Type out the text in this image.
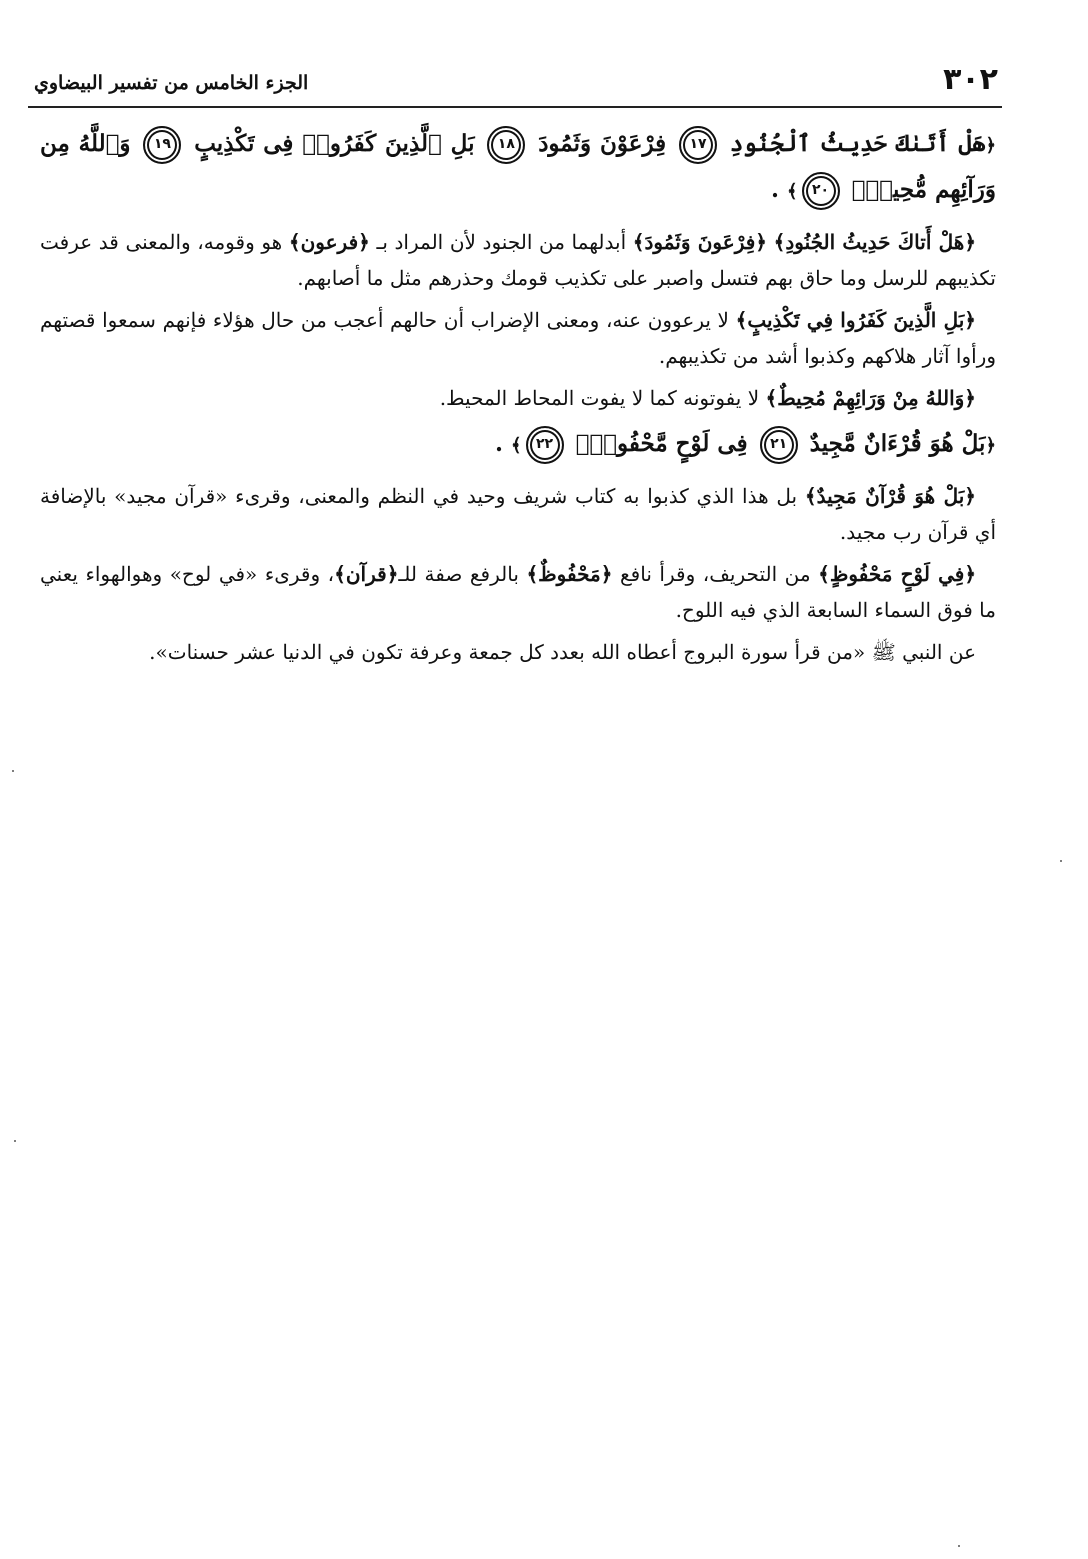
٣٠٢
الجزء الخامس من تفسير البيضاوي
﴿هَلْ أَتَىٰكَ حَدِيثُ ٱلْجُنُودِ ١٧ فِرْعَوْنَ وَثَمُودَ ١٨ بَلِ ٱلَّذِينَ كَفَرُوا۟ فِى تَكْذِيبٍ ١٩ وَٱللَّهُ مِن وَرَآئِهِم مُّحِيطٌۢ ٢٠﴾ .

﴿هَلْ أَتاكَ حَدِيثُ الجُنُودِ﴾ ﴿فِرْعَونَ وَثَمُودَ﴾ أبدلهما من الجنود لأن المراد بـ ﴿فرعون﴾ هو وقومه، والمعنى قد عرفت تكذيبهم للرسل وما حاق بهم فتسل واصبر على تكذيب قومك وحذرهم مثل ما أصابهم.

﴿بَلِ الَّذِينَ كَفَرُوا فِي تَكْذِيبٍ﴾ لا يرعوون عنه، ومعنى الإضراب أن حالهم أعجب من حال هؤلاء فإنهم سمعوا قصتهم ورأوا آثار هلاكهم وكذبوا أشد من تكذيبهم.

﴿وَاللهُ مِنْ وَرَائِهِمْ مُحِيطٌ﴾ لا يفوتونه كما لا يفوت المحاط المحيط.

﴿بَلْ هُوَ قُرْءَانٌ مَّجِيدٌ ٢١ فِى لَوْحٍ مَّحْفُوظٍۭ ٢٢﴾ .

﴿بَلْ هُوَ قُرْآنٌ مَجِيدٌ﴾ بل هذا الذي كذبوا به كتاب شريف وحيد في النظم والمعنى، وقرىء «قرآن مجيد» بالإضافة أي قرآن رب مجيد.

﴿فِي لَوْحٍ مَحْفُوظٍ﴾ من التحريف، وقرأ نافع ﴿مَحْفُوظٌ﴾ بالرفع صفة للـ﴿قرآن﴾، وقرىء «في لوح» وهوالهواء يعني ما فوق السماء السابعة الذي فيه اللوح.

عن النبي ﷺ «من قرأ سورة البروج أعطاه الله بعدد كل جمعة وعرفة تكون في الدنيا عشر حسنات».
